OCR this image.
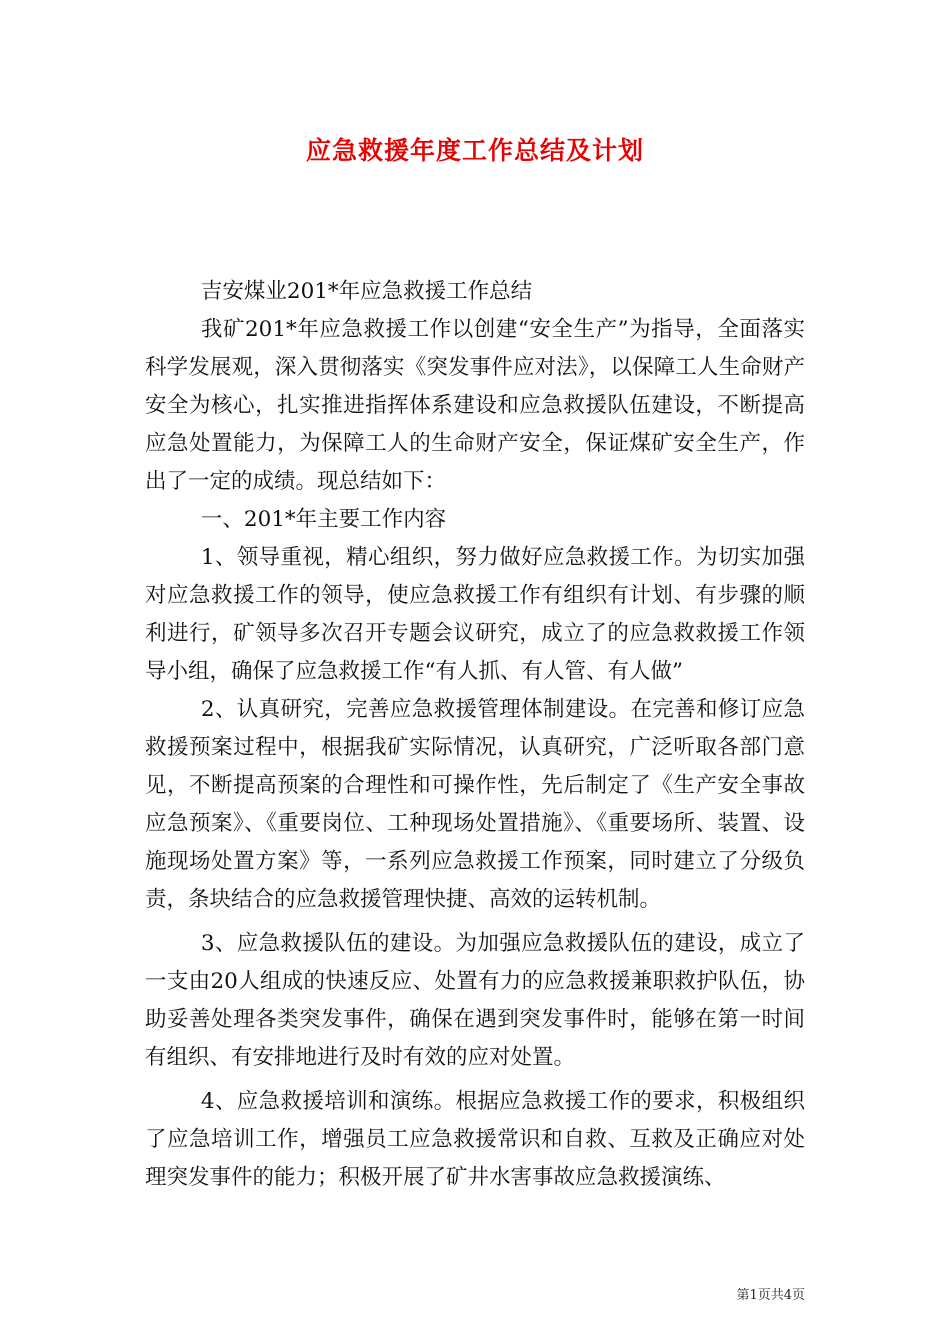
应急救援年度工作总结及计划

吉安煤业201*年应急救援工作总结

我矿201*年应急救援工作以创建“安全生产”为指导，全面落实科学发展观，深入贯彻落实《突发事件应对法》，以保障工人生命财产安全为核心，扎实推进指挥体系建设和应急救援队伍建设，不断提高应急处置能力，为保障工人的生命财产安全，保证煤矿安全生产，作出了一定的成绩。现总结如下：

一、201*年主要工作内容

1、领导重视，精心组织，努力做好应急救援工作。为切实加强对应急救援工作的领导，使应急救援工作有组织有计划、有步骤的顺利进行，矿领导多次召开专题会议研究，成立了的应急救救援工作领导小组，确保了应急救援工作“有人抓、有人管、有人做”

2、认真研究，完善应急救援管理体制建设。在完善和修订应急救援预案过程中，根据我矿实际情况，认真研究，广泛听取各部门意见，不断提高预案的合理性和可操作性，先后制定了《生产安全事故应急预案》、《重要岗位、工种现场处置措施》、《重要场所、装置、设施现场处置方案》等，一系列应急救援工作预案，同时建立了分级负责，条块结合的应急救援管理快捷、高效的运转机制。

3、应急救援队伍的建设。为加强应急救援队伍的建设，成立了一支由20人组成的快速反应、处置有力的应急救援兼职救护队伍，协助妥善处理各类突发事件，确保在遇到突发事件时，能够在第一时间有组织、有安排地进行及时有效的应对处置。

4、应急救援培训和演练。根据应急救援工作的要求，积极组织了应急培训工作，增强员工应急救援常识和自救、互救及正确应对处理突发事件的能力；积极开展了矿井水害事故应急救援演练、

第1页共4页
